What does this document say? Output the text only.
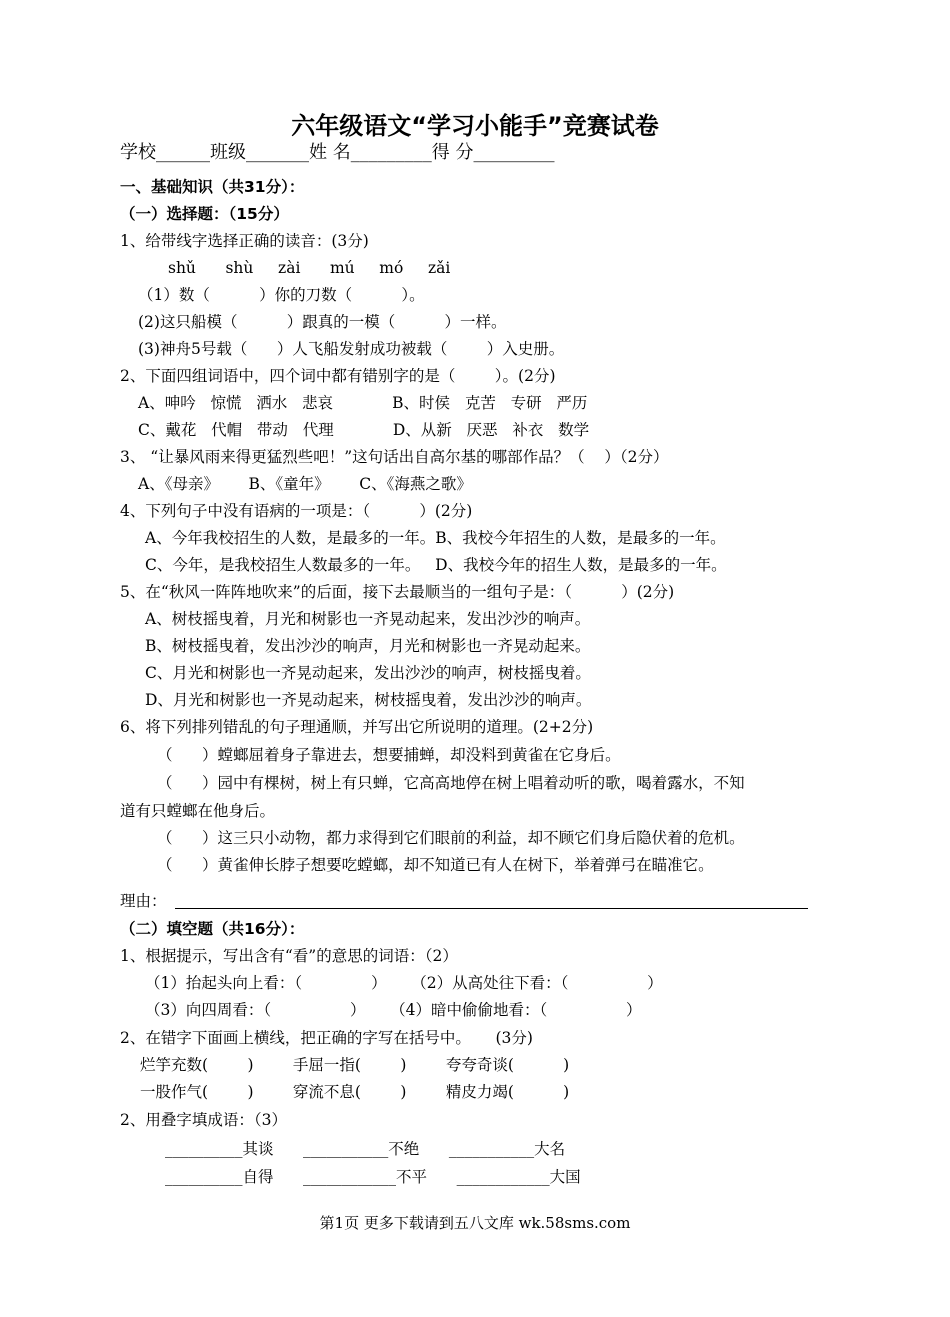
六年级语文“学习小能手”竞赛试卷
学校______班级_______姓 名_________得 分_________
一、基础知识（共31分）：
（一）选择题：（15分）
1、给带线字选择正确的读音：(3分)
shǔ      shù     zài      mú     mó     zǎi
（1）数（          ）你的刀数（          ）。
(2)这只船模（          ）跟真的一模（          ）一样。
(3)神舟5号载（      ）人飞船发射成功被载（        ）入史册。
2、下面四组词语中，四个词中都有错别字的是（        ）。(2分)
A、呻吟   惊慌   洒水   悲哀            B、时侯   克苦   专研   严历
C、戴花   代帽   带动   代理            D、从新   厌恶   补衣   数学
3、 “让暴风雨来得更猛烈些吧！”这句话出自高尔基的哪部作品？（    ）（2分）
A、《母亲》      B、《童年》      C、《海燕之歌》
4、下列句子中没有语病的一项是：（          ）(2分)
A、今年我校招生的人数，是最多的一年。B、我校今年招生的人数，是最多的一年。
C、今年，是我校招生人数最多的一年。   D、我校今年的招生人数，是最多的一年。
5、在“秋风一阵阵地吹来”的后面，接下去最顺当的一组句子是：（          ）(2分)
A、树枝摇曳着，月光和树影也一齐晃动起来，发出沙沙的响声。
B、树枝摇曳着，发出沙沙的响声，月光和树影也一齐晃动起来。
C、月光和树影也一齐晃动起来，发出沙沙的响声，树枝摇曳着。
D、月光和树影也一齐晃动起来，树枝摇曳着，发出沙沙的响声。
6、将下列排列错乱的句子理通顺，并写出它所说明的道理。(2+2分)
（      ）螳螂屈着身子靠进去，想要捕蝉，却没料到黄雀在它身后。
（      ）园中有棵树，树上有只蝉，它高高地停在树上唱着动听的歌，喝着露水，不知
道有只螳螂在他身后。
（      ）这三只小动物，都力求得到它们眼前的利益，却不顾它们身后隐伏着的危机。
（      ）黄雀伸长脖子想要吃螳螂，却不知道已有人在树下，举着弹弓在瞄准它。
理由：
（二）填空题（共16分）：
1、根据提示，写出含有“看”的意思的词语：（2）
（1）抬起头向上看：（              ）     （2）从高处往下看：（                ）
（3）向四周看：（                ）     （4）暗中偷偷地看：（                ）
2、在错字下面画上横线，把正确的字写在括号中。     (3分)
烂竽充数(        )        手屈一指(        )        夸夸奇谈(          )
一股作气(        )        穿流不息(        )        精皮力竭(          )
2、用叠字填成语：（3）
__________其谈      ___________不绝      ___________大名
__________自得      ____________不平      ____________大国
第1页 更多下载请到五八文库 wk.58sms.com
